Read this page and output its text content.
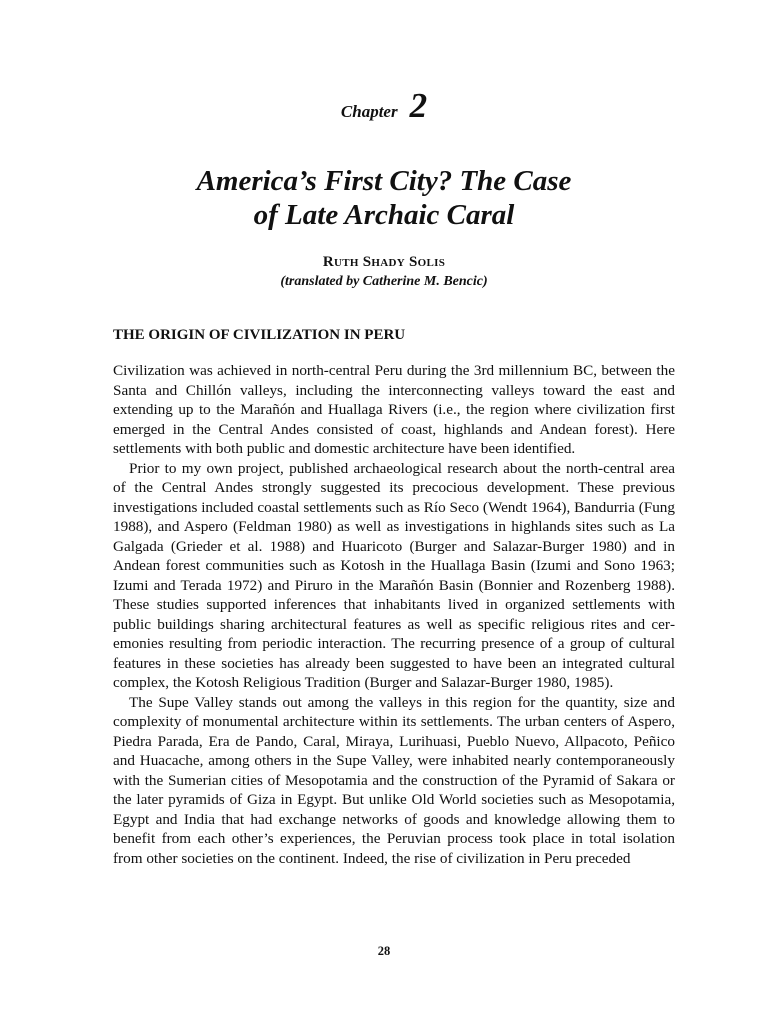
Chapter 2
America’s First City? The Case
of Late Archaic Caral
Ruth Shady Solis
(translated by Catherine M. Bencic)
THE ORIGIN OF CIVILIZATION IN PERU

Civilization was achieved in north-central Peru during the 3rd millennium BC, between the Santa and Chillón valleys, including the interconnecting valleys toward the east and extending up to the Marañón and Huallaga Rivers (i.e., the region where civilization first emerged in the Central Andes consisted of coast, highlands and Andean forest). Here settlements with both public and domestic architecture have been identified.

Prior to my own project, published archaeological research about the north-central area of the Central Andes strongly suggested its precocious development. These previous investigations included coastal settlements such as Río Seco (Wendt 1964), Bandurria (Fung 1988), and Aspero (Feldman 1980) as well as investigations in highlands sites such as La Galgada (Grieder et al. 1988) and Huaricoto (Burger and Salazar-Burger 1980) and in Andean forest communities such as Kotosh in the Huallaga Basin (Izumi and Sono 1963; Izumi and Terada 1972) and Piruro in the Marañón Basin (Bonnier and Rozenberg 1988). These studies supported inferences that inhabitants lived in organized settlements with public buildings sharing architectural features as well as specific religious rites and ceremonies resulting from periodic interaction. The recurring presence of a group of cultural features in these societies has already been suggested to have been an integrated cultural complex, the Kotosh Religious Tradition (Burger and Salazar-Burger 1980, 1985).

The Supe Valley stands out among the valleys in this region for the quantity, size and complexity of monumental architecture within its settlements. The urban centers of Aspero, Piedra Parada, Era de Pando, Caral, Miraya, Lurihuasi, Pueblo Nuevo, Allpacoto, Peñico and Huacache, among others in the Supe Valley, were inhabited nearly contemporaneously with the Sumerian cities of Mesopotamia and the construction of the Pyramid of Sakara or the later pyramids of Giza in Egypt. But unlike Old World societies such as Mesopotamia, Egypt and India that had exchange networks of goods and knowledge allowing them to benefit from each other’s experiences, the Peruvian process took place in total isolation from other societies on the continent. Indeed, the rise of civilization in Peru preceded

28
